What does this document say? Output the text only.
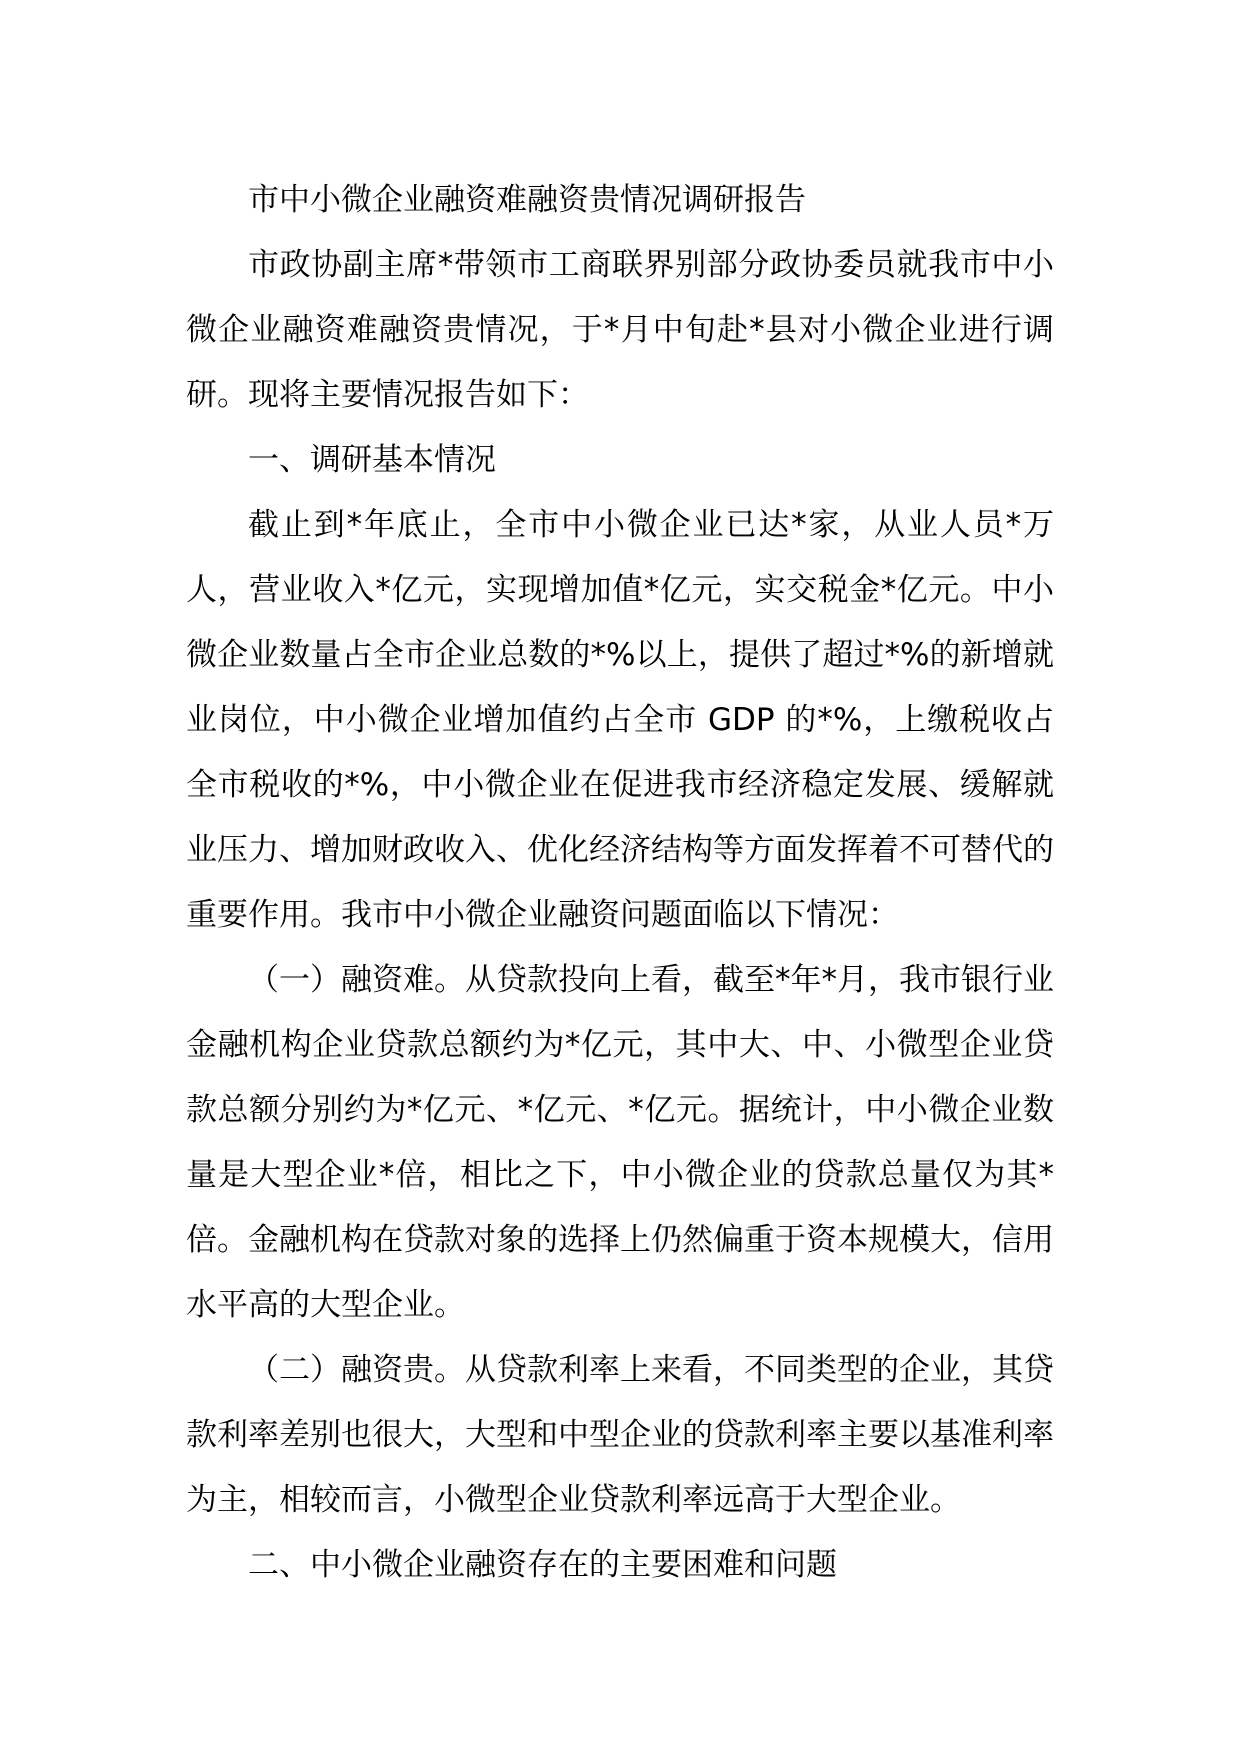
市中小微企业融资难融资贵情况调研报告

市政协副主席*带领市工商联界别部分政协委员就我市中小微企业融资难融资贵情况，于*月中旬赴*县对小微企业进行调研。现将主要情况报告如下：

一、调研基本情况

截止到*年底止，全市中小微企业已达*家，从业人员*万人，营业收入*亿元，实现增加值*亿元，实交税金*亿元。中小微企业数量占全市企业总数的*%以上，提供了超过*%的新增就业岗位，中小微企业增加值约占全市 GDP 的*%，上缴税收占全市税收的*%，中小微企业在促进我市经济稳定发展、缓解就业压力、增加财政收入、优化经济结构等方面发挥着不可替代的重要作用。我市中小微企业融资问题面临以下情况：

（一）融资难。从贷款投向上看，截至*年*月，我市银行业金融机构企业贷款总额约为*亿元，其中大、中、小微型企业贷款总额分别约为*亿元、*亿元、*亿元。据统计，中小微企业数量是大型企业*倍，相比之下，中小微企业的贷款总量仅为其*倍。金融机构在贷款对象的选择上仍然偏重于资本规模大，信用水平高的大型企业。

（二）融资贵。从贷款利率上来看，不同类型的企业，其贷款利率差别也很大，大型和中型企业的贷款利率主要以基准利率为主，相较而言，小微型企业贷款利率远高于大型企业。

二、中小微企业融资存在的主要困难和问题
